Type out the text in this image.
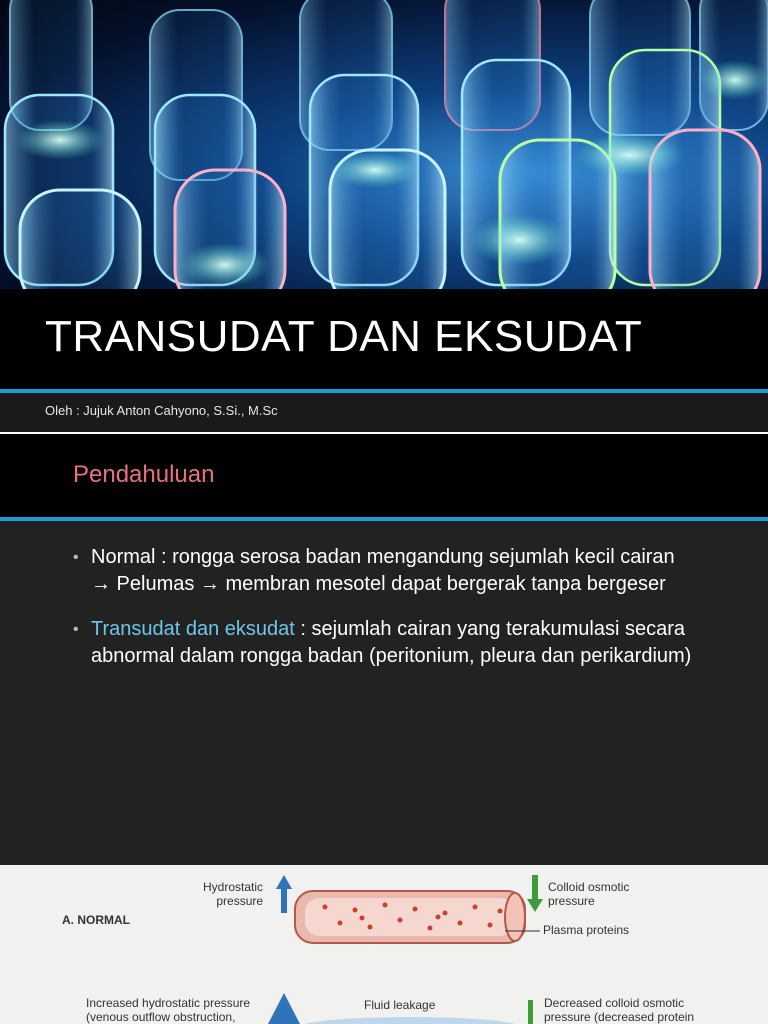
TRANSUDAT DAN EKSUDAT
Oleh : Jujuk Anton Cahyono, S.Si., M.Sc
Pendahuluan
• Normal : rongga serosa badan mengandung sejumlah kecil cairan → Pelumas → membran mesotel dapat bergerak tanpa bergeser
• Transudat dan eksudat : sejumlah cairan yang terakumulasi secara abnormal dalam rongga badan (peritonium, pleura dan perikardium)
A. NORMAL
Hydrostatic
pressure
Colloid osmotic
pressure
Plasma proteins
Increased hydrostatic pressure
(venous outflow obstruction,
Fluid leakage	Decreased colloid osmotic
pressure (decreased protein
